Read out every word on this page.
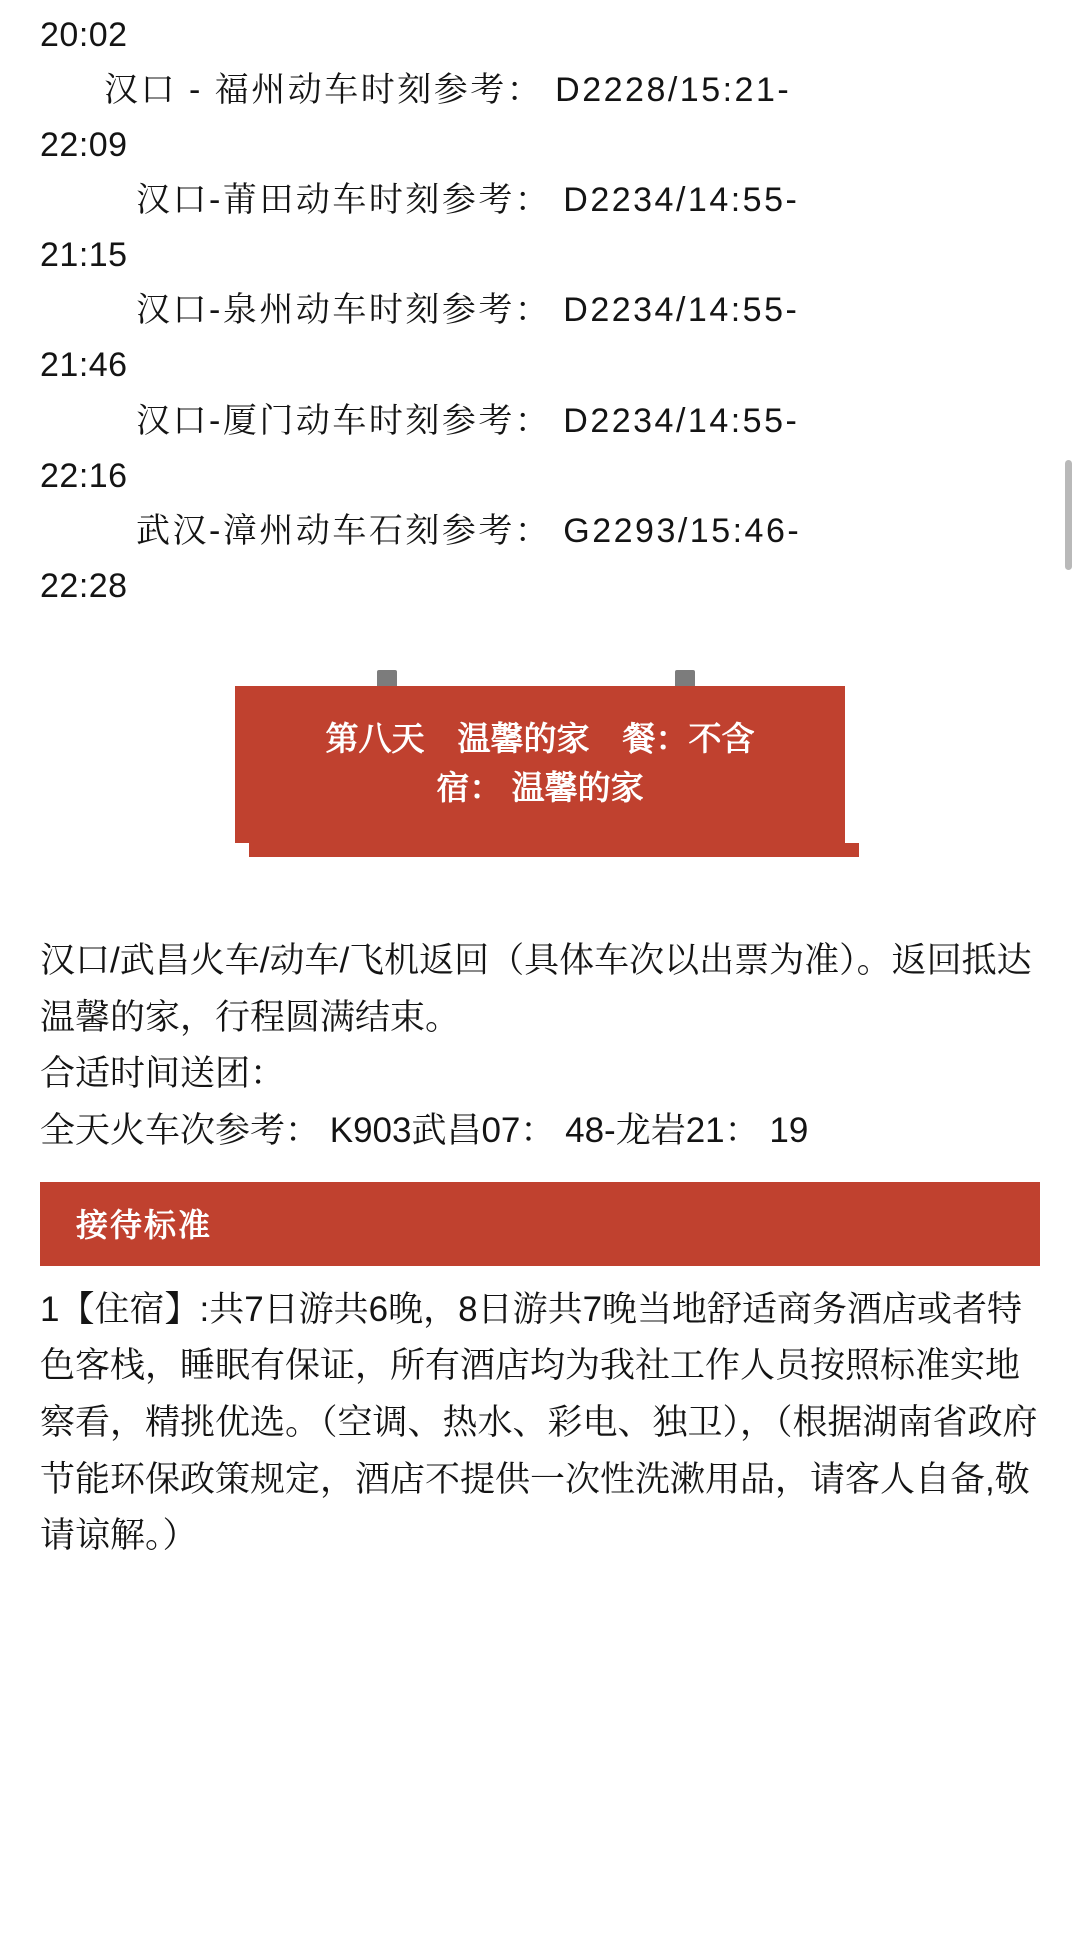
20:02

汉口 - 福州动车时刻参考： D2228/15:21-

22:09

汉口-莆田动车时刻参考： D2234/14:55-

21:15

汉口-泉州动车时刻参考： D2234/14:55-

21:46

汉口-厦门动车时刻参考： D2234/14:55-

22:16

武汉-漳州动车石刻参考： G2293/15:46-

22:28

第八天　温馨的家　餐：不含
宿： 温馨的家

汉口/武昌火车/动车/飞机返回（具体车次以出票为准）。返回抵达温馨的家，行程圆满结束。

合适时间送团：

全天火车次参考： K903武昌07： 48-龙岩21： 19

接待标准

1【住宿】:共7日游共6晚，8日游共7晚当地舒适商务酒店或者特色客栈，睡眠有保证，所有酒店均为我社工作人员按照标准实地察看，精挑优选。（空调、热水、彩电、独卫），（根据湖南省政府节能环保政策规定，酒店不提供一次性洗漱用品，请客人自备,敬请谅解。）
